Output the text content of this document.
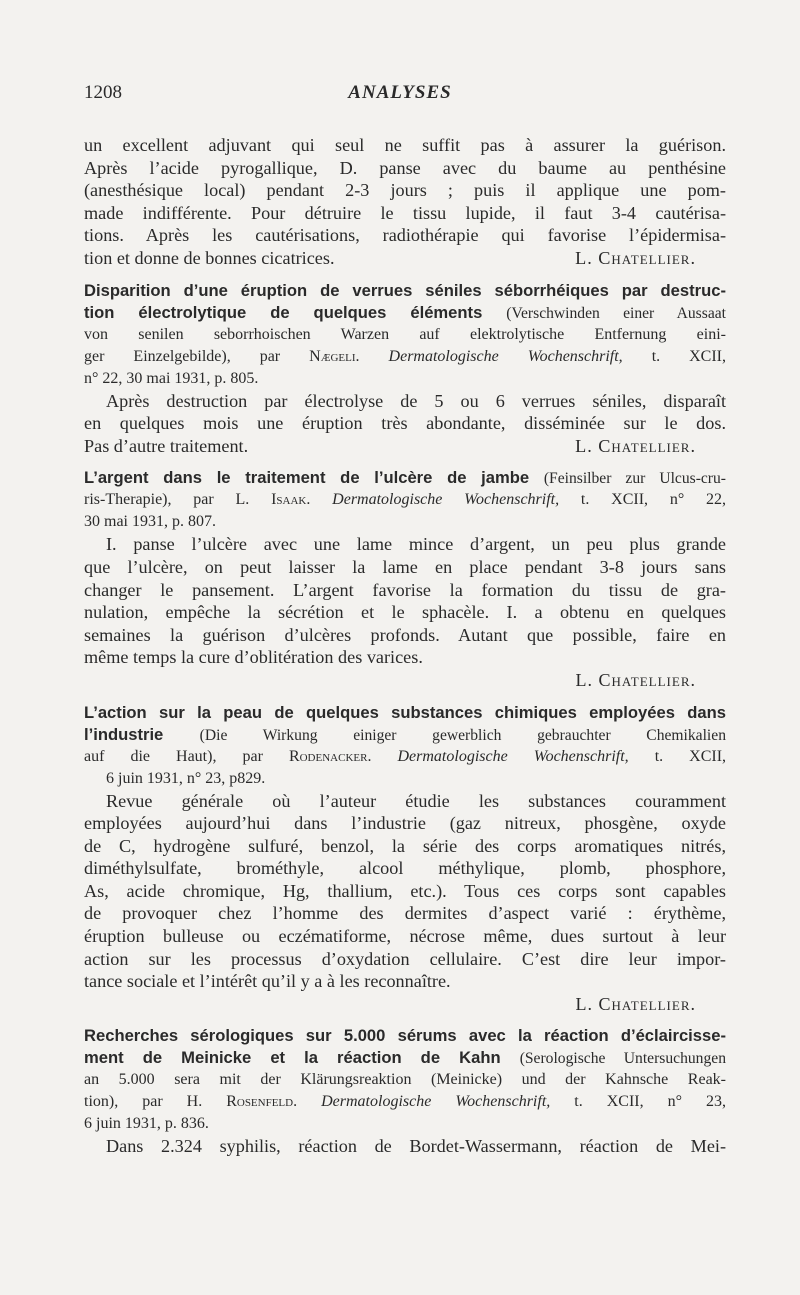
1208	ANALYSES
un excellent adjuvant qui seul ne suffit pas à assurer la guérison.
Après l’acide pyrogallique, D. panse avec du baume au penthésine
(anesthésique local) pendant 2-3 jours ; puis il applique une pom-
made indifférente. Pour détruire le tissu lupide, il faut 3-4 cautérisa-
tions. Après les cautérisations, radiothérapie qui favorise l’épidermisa-
tion et donne de bonnes cicatrices.	L. Chatellier.
Disparition d’une éruption de verrues séniles séborrhéiques par destruc-
tion électrolytique de quelques éléments (Verschwinden einer Aussaat
von senilen seborrhoischen Warzen auf elektrolytische Entfernung eini-
ger Einzelgebilde), par Nægeli. Dermatologische Wochenschrift, t. XCII,
n° 22, 30 mai 1931, p. 805.
Après destruction par électrolyse de 5 ou 6 verrues séniles, disparaît
en quelques mois une éruption très abondante, disséminée sur le dos.
Pas d’autre traitement.	L. Chatellier.
L’argent dans le traitement de l’ulcère de jambe (Feinsilber zur Ulcus-cru-
ris-Therapie), par L. Isaak. Dermatologische Wochenschrift, t. XCII, n° 22,
30 mai 1931, p. 807.
I. panse l’ulcère avec une lame mince d’argent, un peu plus grande
que l’ulcère, on peut laisser la lame en place pendant 3-8 jours sans
changer le pansement. L’argent favorise la formation du tissu de gra-
nulation, empêche la sécrétion et le sphacèle. I. a obtenu en quelques
semaines la guérison d’ulcères profonds. Autant que possible, faire en
même temps la cure d’oblitération des varices.
L. Chatellier.
L’action sur la peau de quelques substances chimiques employées dans
l’industrie (Die Wirkung einiger gewerblich gebrauchter Chemikalien
auf die Haut), par Rodenacker. Dermatologische Wochenschrift, t. XCII,
6 juin 1931, n° 23, p829.
Revue générale où l’auteur étudie les substances couramment
employées aujourd’hui dans l’industrie (gaz nitreux, phosgène, oxyde
de C, hydrogène sulfuré, benzol, la série des corps aromatiques nitrés,
diméthylsulfate, brométhyle, alcool méthylique, plomb, phosphore,
As, acide chromique, Hg, thallium, etc.). Tous ces corps sont capables
de provoquer chez l’homme des dermites d’aspect varié : érythème,
éruption bulleuse ou eczématiforme, nécrose même, dues surtout à leur
action sur les processus d’oxydation cellulaire. C’est dire leur impor-
tance sociale et l’intérêt qu’il y a à les reconnaître.
L. Chatellier.
Recherches sérologiques sur 5.000 sérums avec la réaction d’éclaircisse-
ment de Meinicke et la réaction de Kahn (Serologische Untersuchungen
an 5.000 sera mit der Klärungsreaktion (Meinicke) und der Kahnsche Reak-
tion), par H. Rosenfeld. Dermatologische Wochenschrift, t. XCII, n° 23,
6 juin 1931, p. 836.
Dans 2.324 syphilis, réaction de Bordet-Wassermann, réaction de Mei-
